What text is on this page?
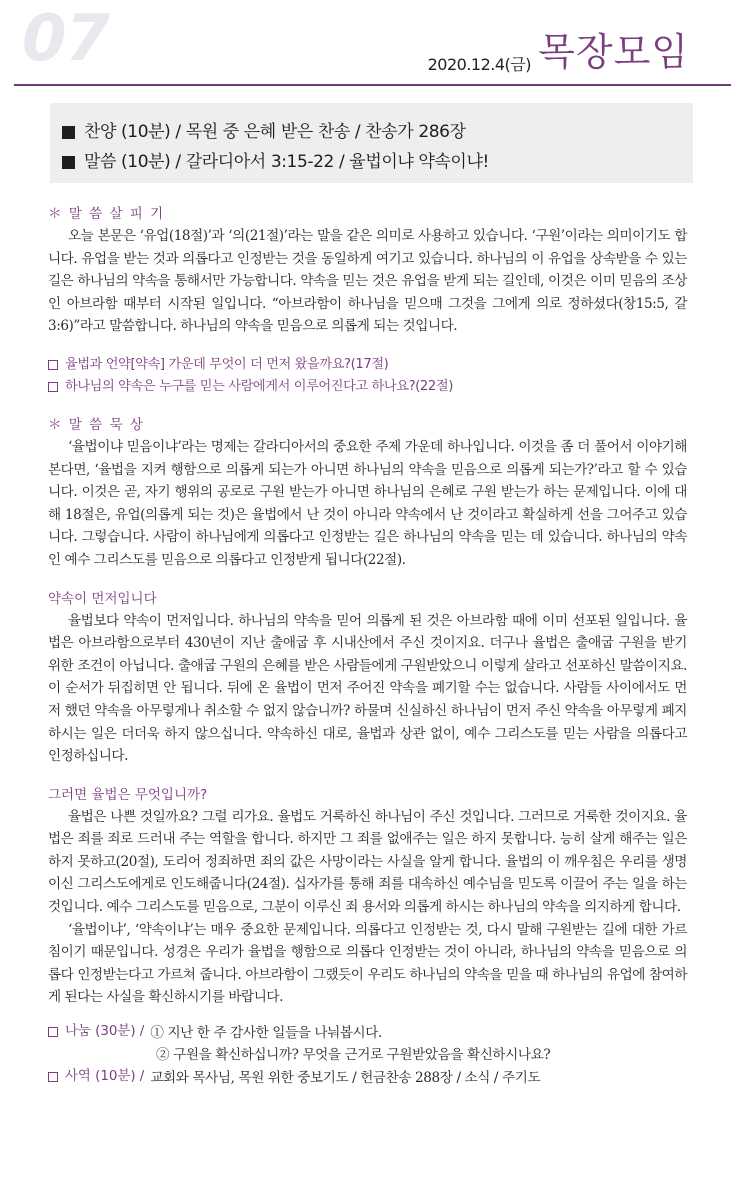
07	2020.12.4(금) 목장모임
찬양 (10분) / 목원 중 은혜 받은 찬송 / 찬송가 286장
말씀 (10분) / 갈라디아서 3:15-22 / 율법이냐 약속이냐!
＊ 말 씀 살 피 기

오늘 본문은 ‘유업(18절)’과 ‘의(21절)’라는 말을 같은 의미로 사용하고 있습니다. ‘구원’이라는 의미이기도 합니다. 유업을 받는 것과 의롭다고 인정받는 것을 동일하게 여기고 있습니다. 하나님의 이 유업을 상속받을 수 있는 길은 하나님의 약속을 통해서만 가능합니다. 약속을 믿는 것은 유업을 받게 되는 길인데, 이것은 이미 믿음의 조상인 아브라함 때부터 시작된 일입니다. “아브라함이 하나님을 믿으매 그것을 그에게 의로 정하셨다(창15:5, 갈3:6)”라고 말씀합니다. 하나님의 약속을 믿음으로 의롭게 되는 것입니다.

율법과 언약[약속] 가운데 무엇이 더 먼저 왔을까요?(17절)
하나님의 약속은 누구를 믿는 사람에게서 이루어진다고 하나요?(22절)
＊ 말 씀 묵 상

‘율법이냐 믿음이냐’라는 명제는 갈라디아서의 중요한 주제 가운데 하나입니다. 이것을 좀 더 풀어서 이야기해 본다면, ‘율법을 지켜 행함으로 의롭게 되는가 아니면 하나님의 약속을 믿음으로 의롭게 되는가?’라고 할 수 있습니다. 이것은 곧, 자기 행위의 공로로 구원 받는가 아니면 하나님의 은혜로 구원 받는가 하는 문제입니다. 이에 대해 18절은, 유업(의롭게 되는 것)은 율법에서 난 것이 아니라 약속에서 난 것이라고 확실하게 선을 그어주고 있습니다. 그렇습니다. 사람이 하나님에게 의롭다고 인정받는 길은 하나님의 약속을 믿는 데 있습니다. 하나님의 약속인 예수 그리스도를 믿음으로 의롭다고 인정받게 됩니다(22절).

약속이 먼저입니다

율법보다 약속이 먼저입니다. 하나님의 약속을 믿어 의롭게 된 것은 아브라함 때에 이미 선포된 일입니다. 율법은 아브라함으로부터 430년이 지난 출애굽 후 시내산에서 주신 것이지요. 더구나 율법은 출애굽 구원을 받기 위한 조건이 아닙니다. 출애굽 구원의 은혜를 받은 사람들에게 구원받았으니 이렇게 살라고 선포하신 말씀이지요. 이 순서가 뒤집히면 안 됩니다. 뒤에 온 율법이 먼저 주어진 약속을 폐기할 수는 없습니다. 사람들 사이에서도 먼저 했던 약속을 아무렇게나 취소할 수 없지 않습니까? 하물며 신실하신 하나님이 먼저 주신 약속을 아무렇게 폐지하시는 일은 더더욱 하지 않으십니다. 약속하신 대로, 율법과 상관 없이, 예수 그리스도를 믿는 사람을 의롭다고 인정하십니다.

그러면 율법은 무엇입니까?

율법은 나쁜 것일까요? 그럴 리가요. 율법도 거룩하신 하나님이 주신 것입니다. 그러므로 거룩한 것이지요. 율법은 죄를 죄로 드러내 주는 역할을 합니다. 하지만 그 죄를 없애주는 일은 하지 못합니다. 능히 살게 해주는 일은 하지 못하고(20절), 도리어 정죄하면 죄의 값은 사망이라는 사실을 알게 합니다. 율법의 이 깨우침은 우리를 생명이신 그리스도에게로 인도해줍니다(24절). 십자가를 통해 죄를 대속하신 예수님을 믿도록 이끌어 주는 일을 하는 것입니다. 예수 그리스도를 믿음으로, 그분이 이루신 죄 용서와 의롭게 하시는 하나님의 약속을 의지하게 합니다.

‘율법이냐’, ‘약속이냐’는 매우 중요한 문제입니다. 의롭다고 인정받는 것, 다시 말해 구원받는 길에 대한 가르침이기 때문입니다. 성경은 우리가 율법을 행함으로 의롭다 인정받는 것이 아니라, 하나님의 약속을 믿음으로 의롭다 인정받는다고 가르쳐 줍니다. 아브라함이 그랬듯이 우리도 하나님의 약속을 믿을 때 하나님의 유업에 참여하게 된다는 사실을 확신하시기를 바랍니다.

나눔 (30분) / ① 지난 한 주 감사한 일들을 나눠봅시다.
② 구원을 확신하십니까? 무엇을 근거로 구원받았음을 확신하시나요?
사역 (10분) / 교회와 목사님, 목원 위한 중보기도 / 헌금찬송 288장 / 소식 / 주기도
